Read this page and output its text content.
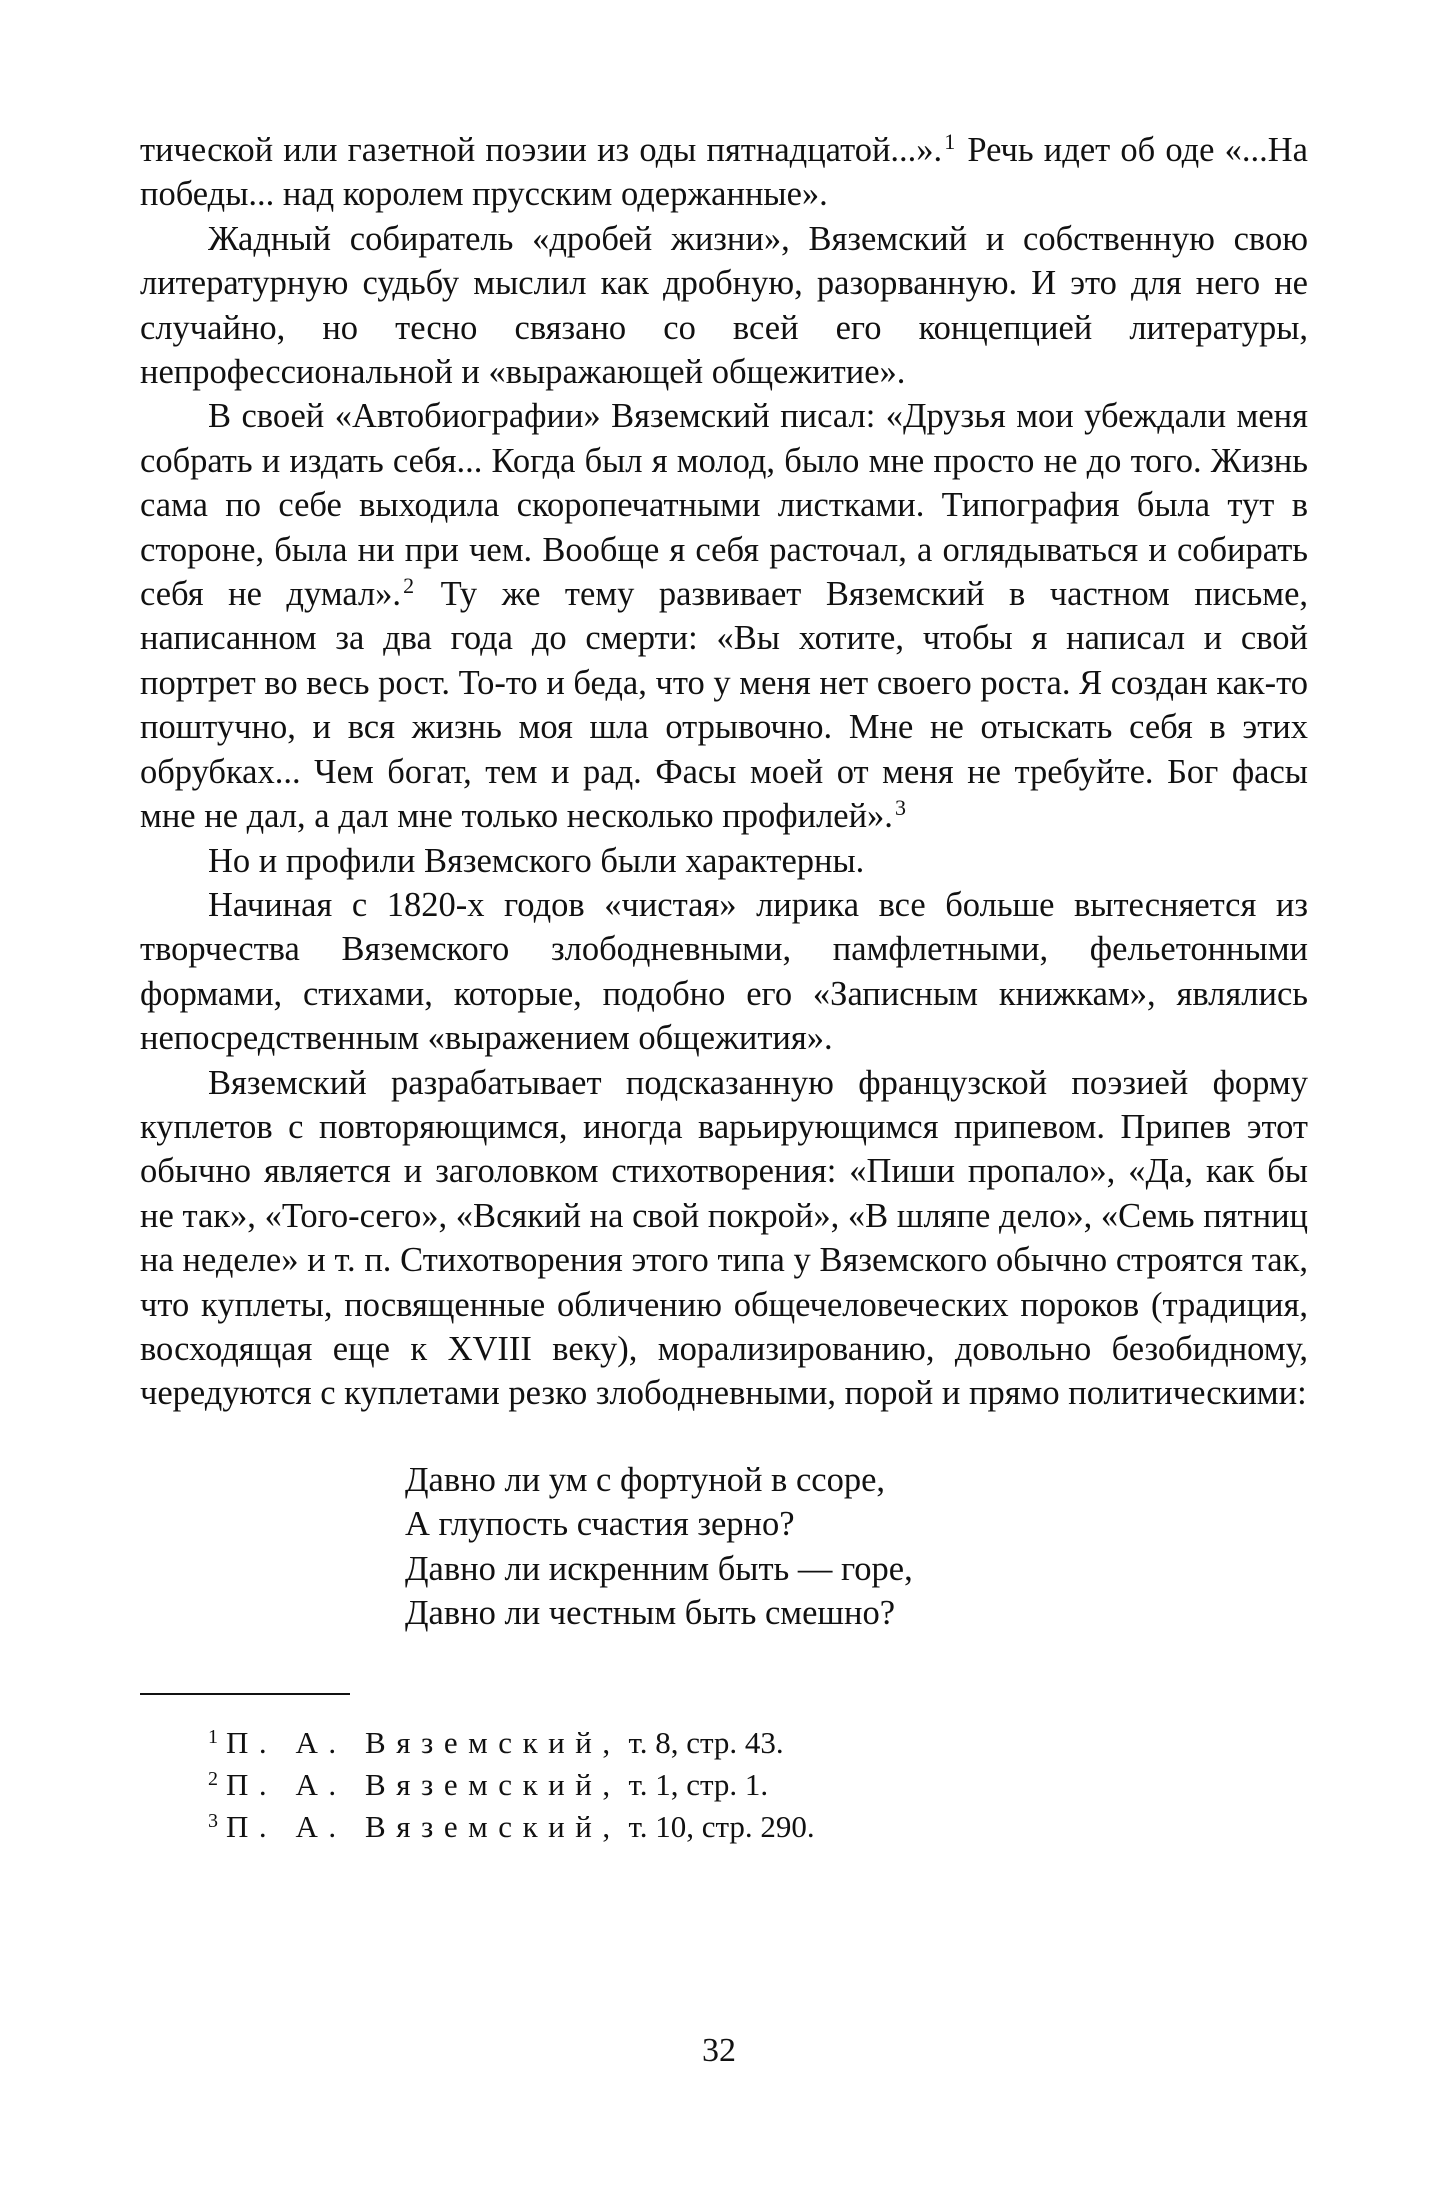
тической или газетной поэзии из оды пятнадцатой...».$^1$ Речь идет об оде «...На победы... над королем прусским одержанные».

Жадный собиратель «дробей жизни», Вяземский и собственную свою литературную судьбу мыслил как дробную, разорванную. И это для него не случайно, но тесно связано со всей его концепцией литературы, непрофессиональной и «выражающей общежитие».

В своей «Автобиографии» Вяземский писал: «Друзья мои убеждали меня собрать и издать себя... Когда был я молод, было мне просто не до того. Жизнь сама по себе выходила скоропечатными листками. Типография была тут в стороне, была ни при чем. Вообще я себя расточал, а оглядываться и собирать себя не думал».$^2$ Ту же тему развивает Вяземский в частном письме, написанном за два года до смерти: «Вы хотите, чтобы я написал и свой портрет во весь рост. То-то и беда, что у меня нет своего роста. Я создан как-то поштучно, и вся жизнь моя шла отрывочно. Мне не отыскать себя в этих обрубках... Чем богат, тем и рад. Фасы моей от меня не требуйте. Бог фасы мне не дал, а дал мне только несколько профилей».$^3$

Но и профили Вяземского были характерны.

Начиная с 1820-х годов «чистая» лирика все больше вытесняется из творчества Вяземского злободневными, памфлетными, фельетонными формами, стихами, которые, подобно его «Записным книжкам», являлись непосредственным «выражением общежития».

Вяземский разрабатывает подсказанную французской поэзией форму куплетов с повторяющимся, иногда варьирующимся припевом. Припев этот обычно является и заголовком стихотворения: «Пиши пропало», «Да, как бы не так», «Того-сего», «Всякий на свой покрой», «В шляпе дело», «Семь пятниц на неделе» и т. п. Стихотворения этого типа у Вяземского обычно строятся так, что куплеты, посвященные обличению общечеловеческих пороков (традиция, восходящая еще к XVIII веку), морализированию, довольно безобидному, чередуются с куплетами резко злободневными, порой и прямо политическими:

Давно ли ум с фортуной в ссоре,
А глупость счастия зерно?
Давно ли искренним быть — горе,
Давно ли честным быть смешно?
$^1$ П. А. Вяземский, т. 8, стр. 43.
$^2$ П. А. Вяземский, т. 1, стр. 1.
$^3$ П. А. Вяземский, т. 10, стр. 290.
32
